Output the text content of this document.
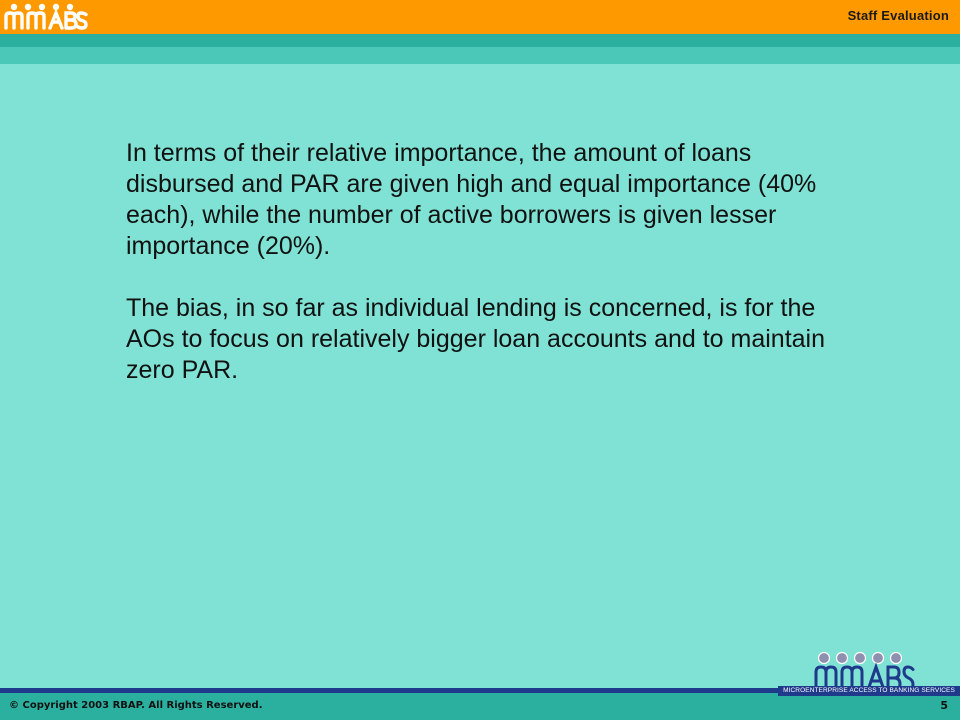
Staff Evaluation

In terms of their relative importance, the amount of loans disbursed and PAR are given high and equal importance (40% each), while the number of active borrowers is given lesser importance (20%).

The bias, in so far as individual lending is concerned, is for the AOs to focus on relatively bigger loan accounts and to maintain zero PAR.

MICROENTERPRISE ACCESS TO BANKING SERVICES
© Copyright 2003 RBAP. All Rights Reserved.	5
